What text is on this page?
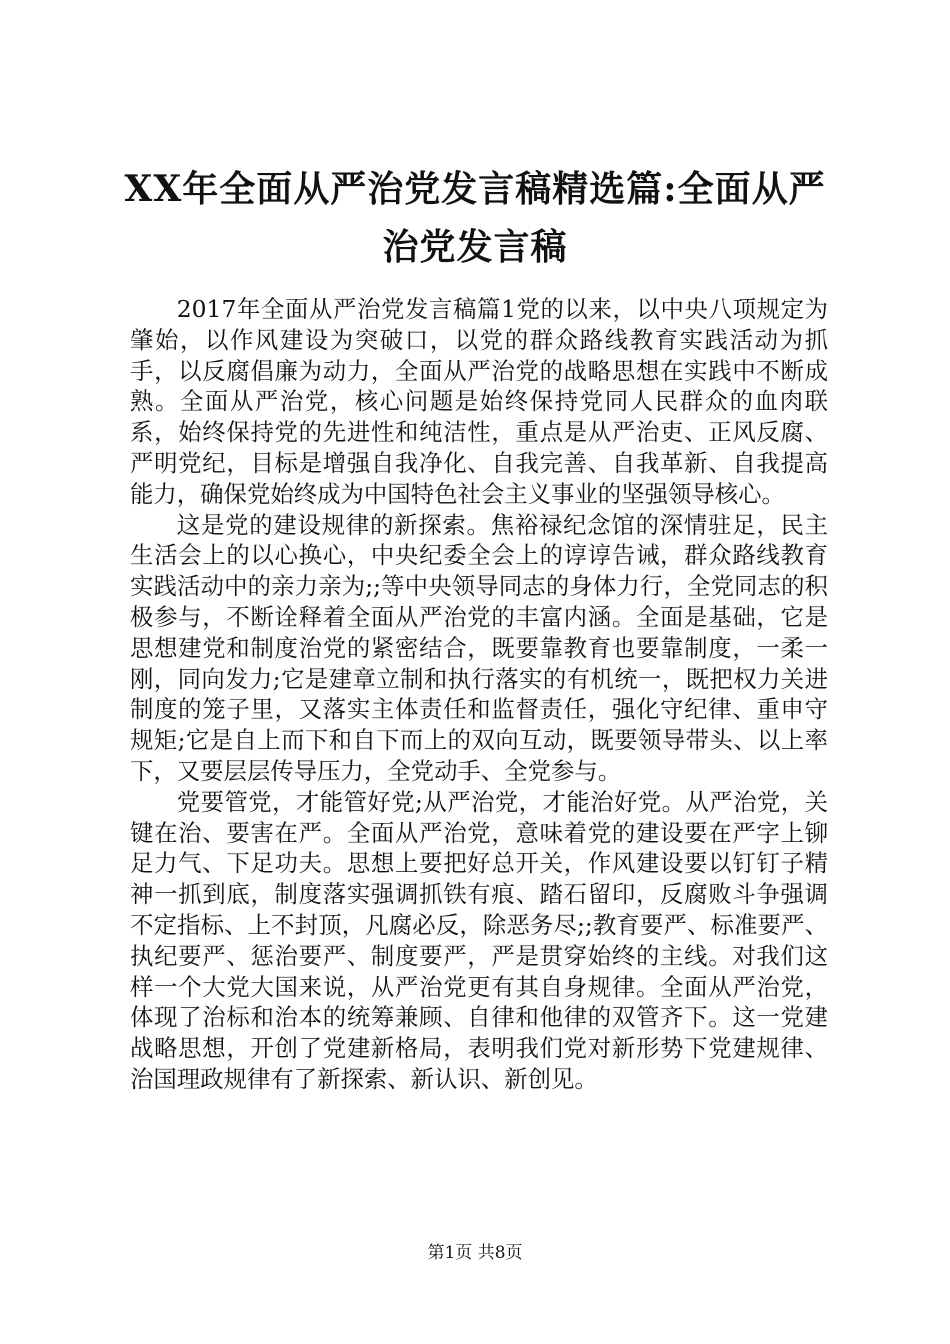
XX年全面从严治党发言稿精选篇:全面从严治党发言稿

2017年全面从严治党发言稿篇1党的以来，以中央八项规定为肇始，以作风建设为突破口，以党的群众路线教育实践活动为抓手，以反腐倡廉为动力，全面从严治党的战略思想在实践中不断成熟。全面从严治党，核心问题是始终保持党同人民群众的血肉联系，始终保持党的先进性和纯洁性，重点是从严治吏、正风反腐、严明党纪，目标是增强自我净化、自我完善、自我革新、自我提高能力，确保党始终成为中国特色社会主义事业的坚强领导核心。

这是党的建设规律的新探索。焦裕禄纪念馆的深情驻足，民主生活会上的以心换心，中央纪委全会上的谆谆告诫，群众路线教育实践活动中的亲力亲为;;等中央领导同志的身体力行，全党同志的积极参与，不断诠释着全面从严治党的丰富内涵。全面是基础，它是思想建党和制度治党的紧密结合，既要靠教育也要靠制度，一柔一刚，同向发力;它是建章立制和执行落实的有机统一，既把权力关进制度的笼子里，又落实主体责任和监督责任，强化守纪律、重申守规矩;它是自上而下和自下而上的双向互动，既要领导带头、以上率下，又要层层传导压力，全党动手、全党参与。

党要管党，才能管好党;从严治党，才能治好党。从严治党，关键在治、要害在严。全面从严治党，意味着党的建设要在严字上铆足力气、下足功夫。思想上要把好总开关，作风建设要以钉钉子精神一抓到底，制度落实强调抓铁有痕、踏石留印，反腐败斗争强调不定指标、上不封顶，凡腐必反，除恶务尽;;教育要严、标准要严、执纪要严、惩治要严、制度要严，严是贯穿始终的主线。对我们这样一个大党大国来说，从严治党更有其自身规律。全面从严治党，体现了治标和治本的统筹兼顾、自律和他律的双管齐下。这一党建战略思想，开创了党建新格局，表明我们党对新形势下党建规律、治国理政规律有了新探索、新认识、新创见。

第1页 共8页
